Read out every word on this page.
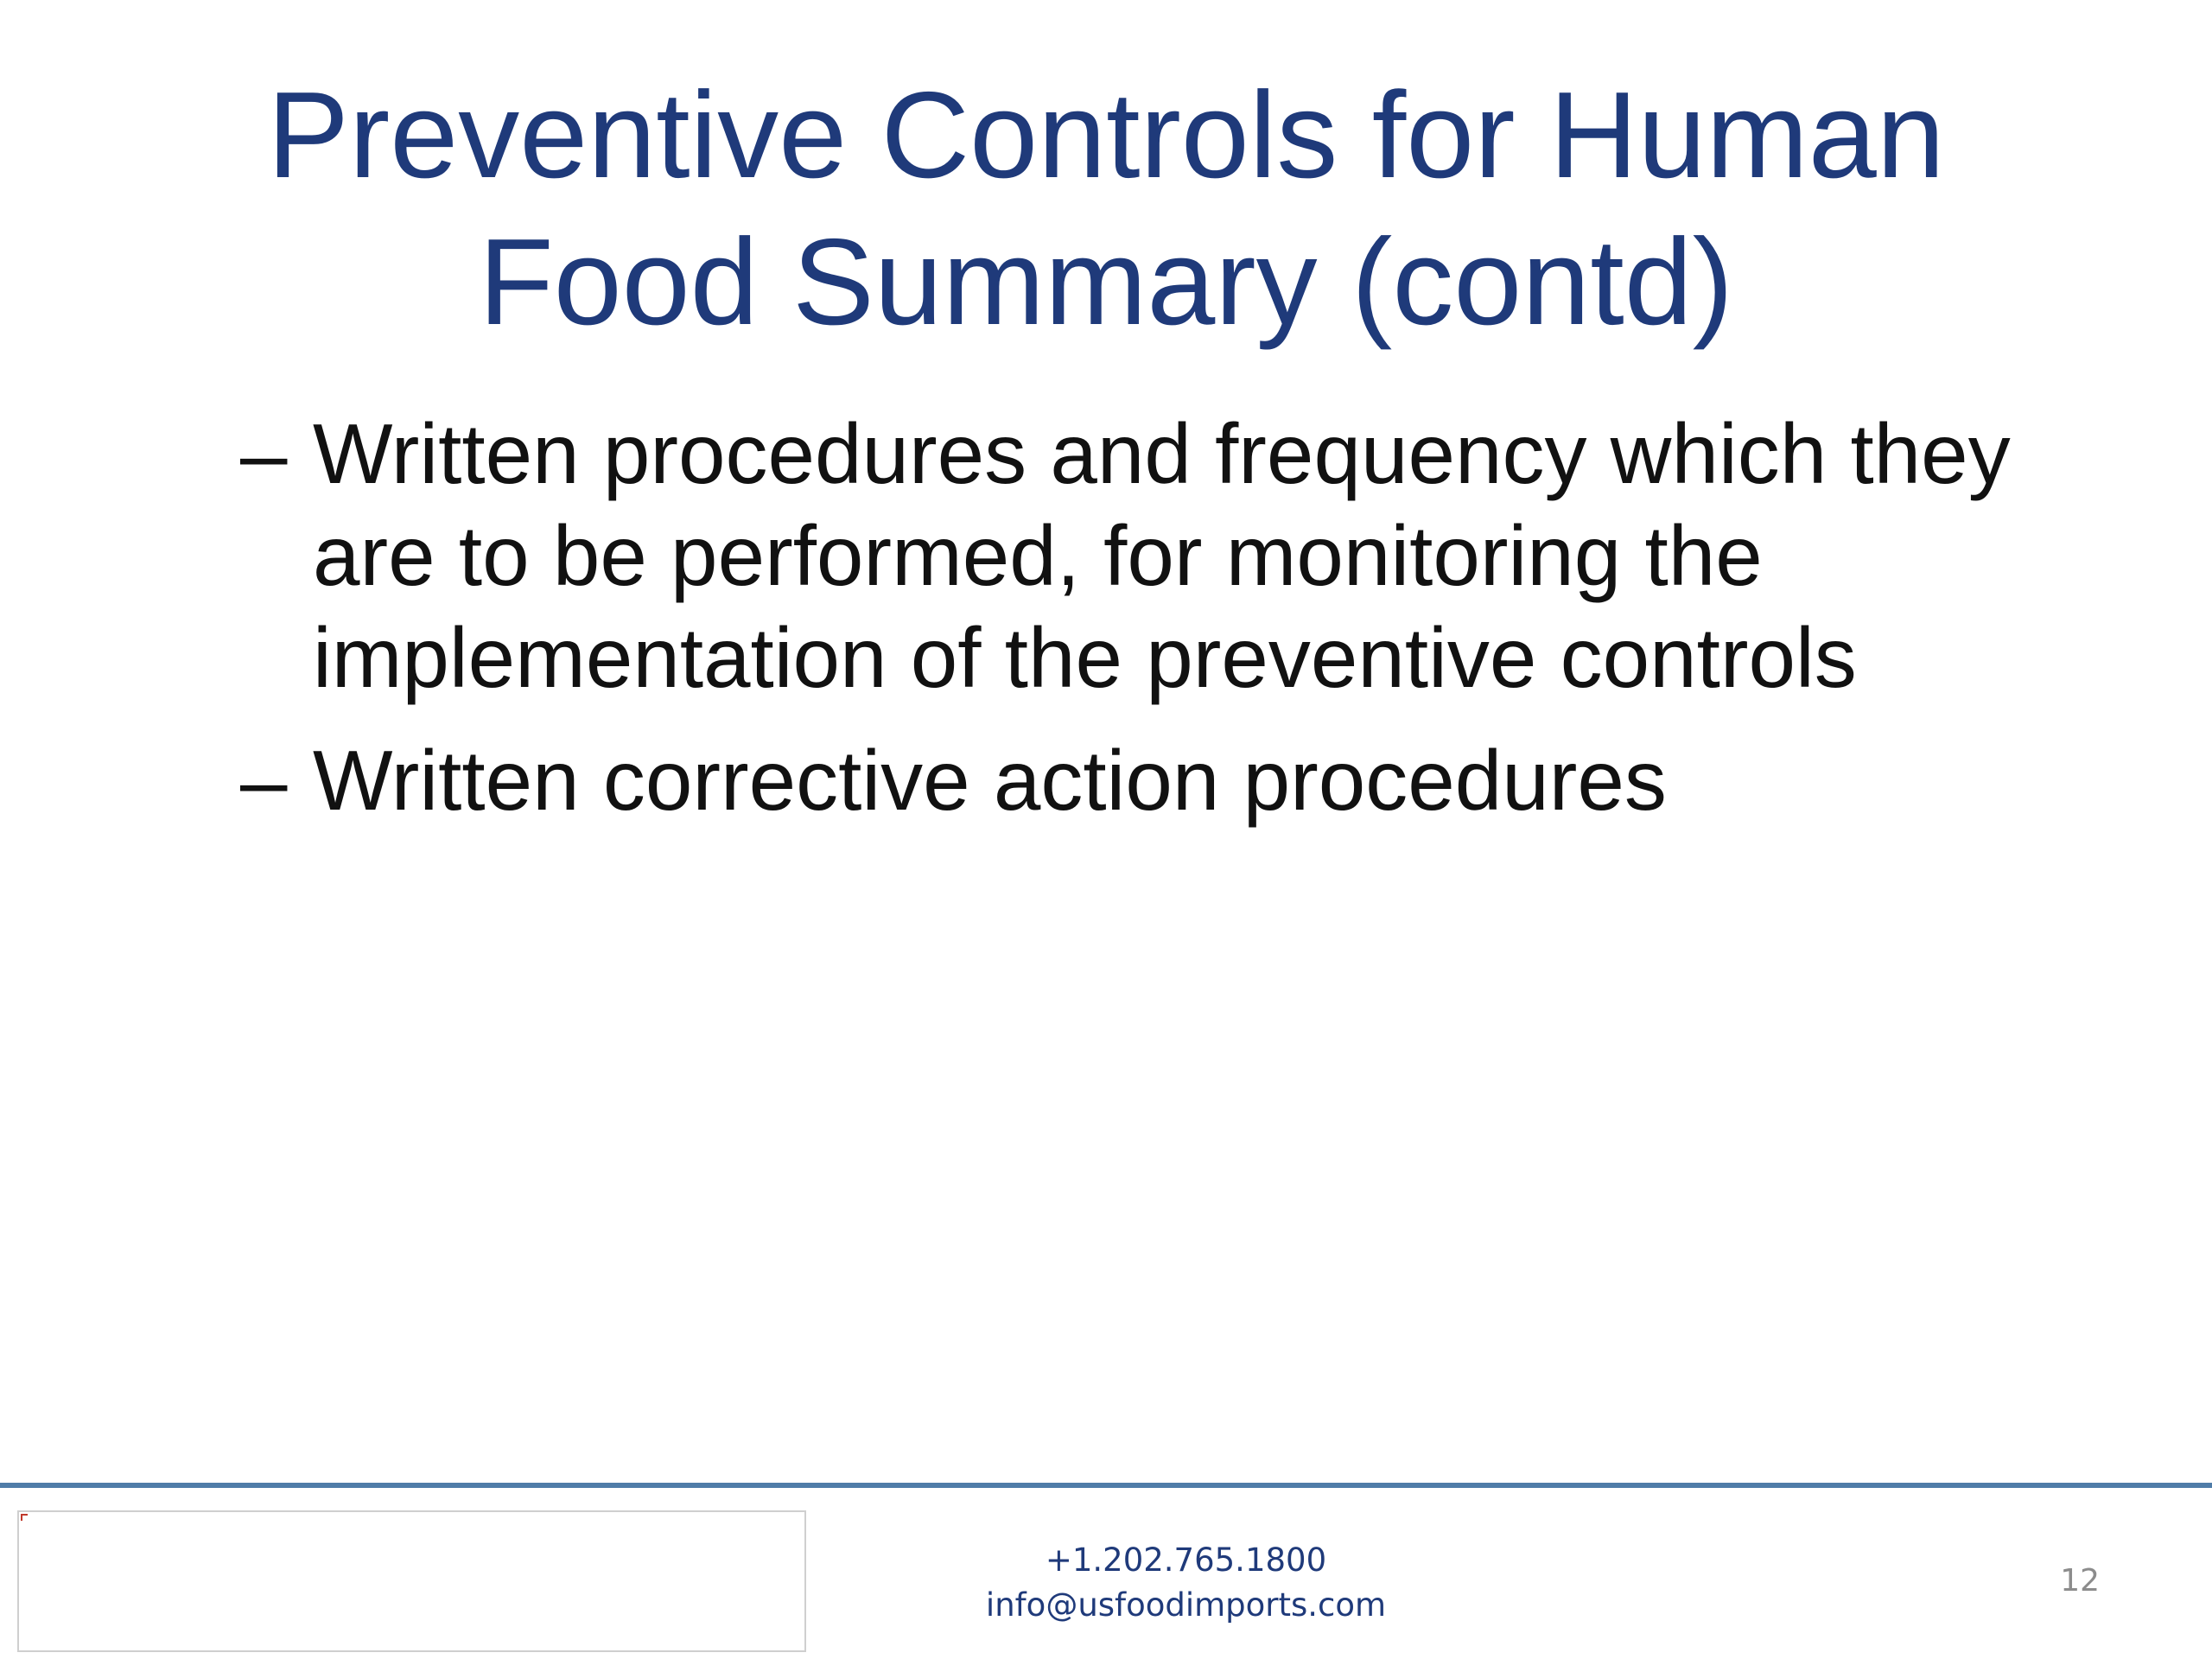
Preventive Controls for Human
Food Summary (contd)
– Written procedures and frequency which they
are to be performed, for monitoring the
implementation of the preventive controls
– Written corrective action procedures
+1.202.765.1800
info@usfoodimports.com
12
